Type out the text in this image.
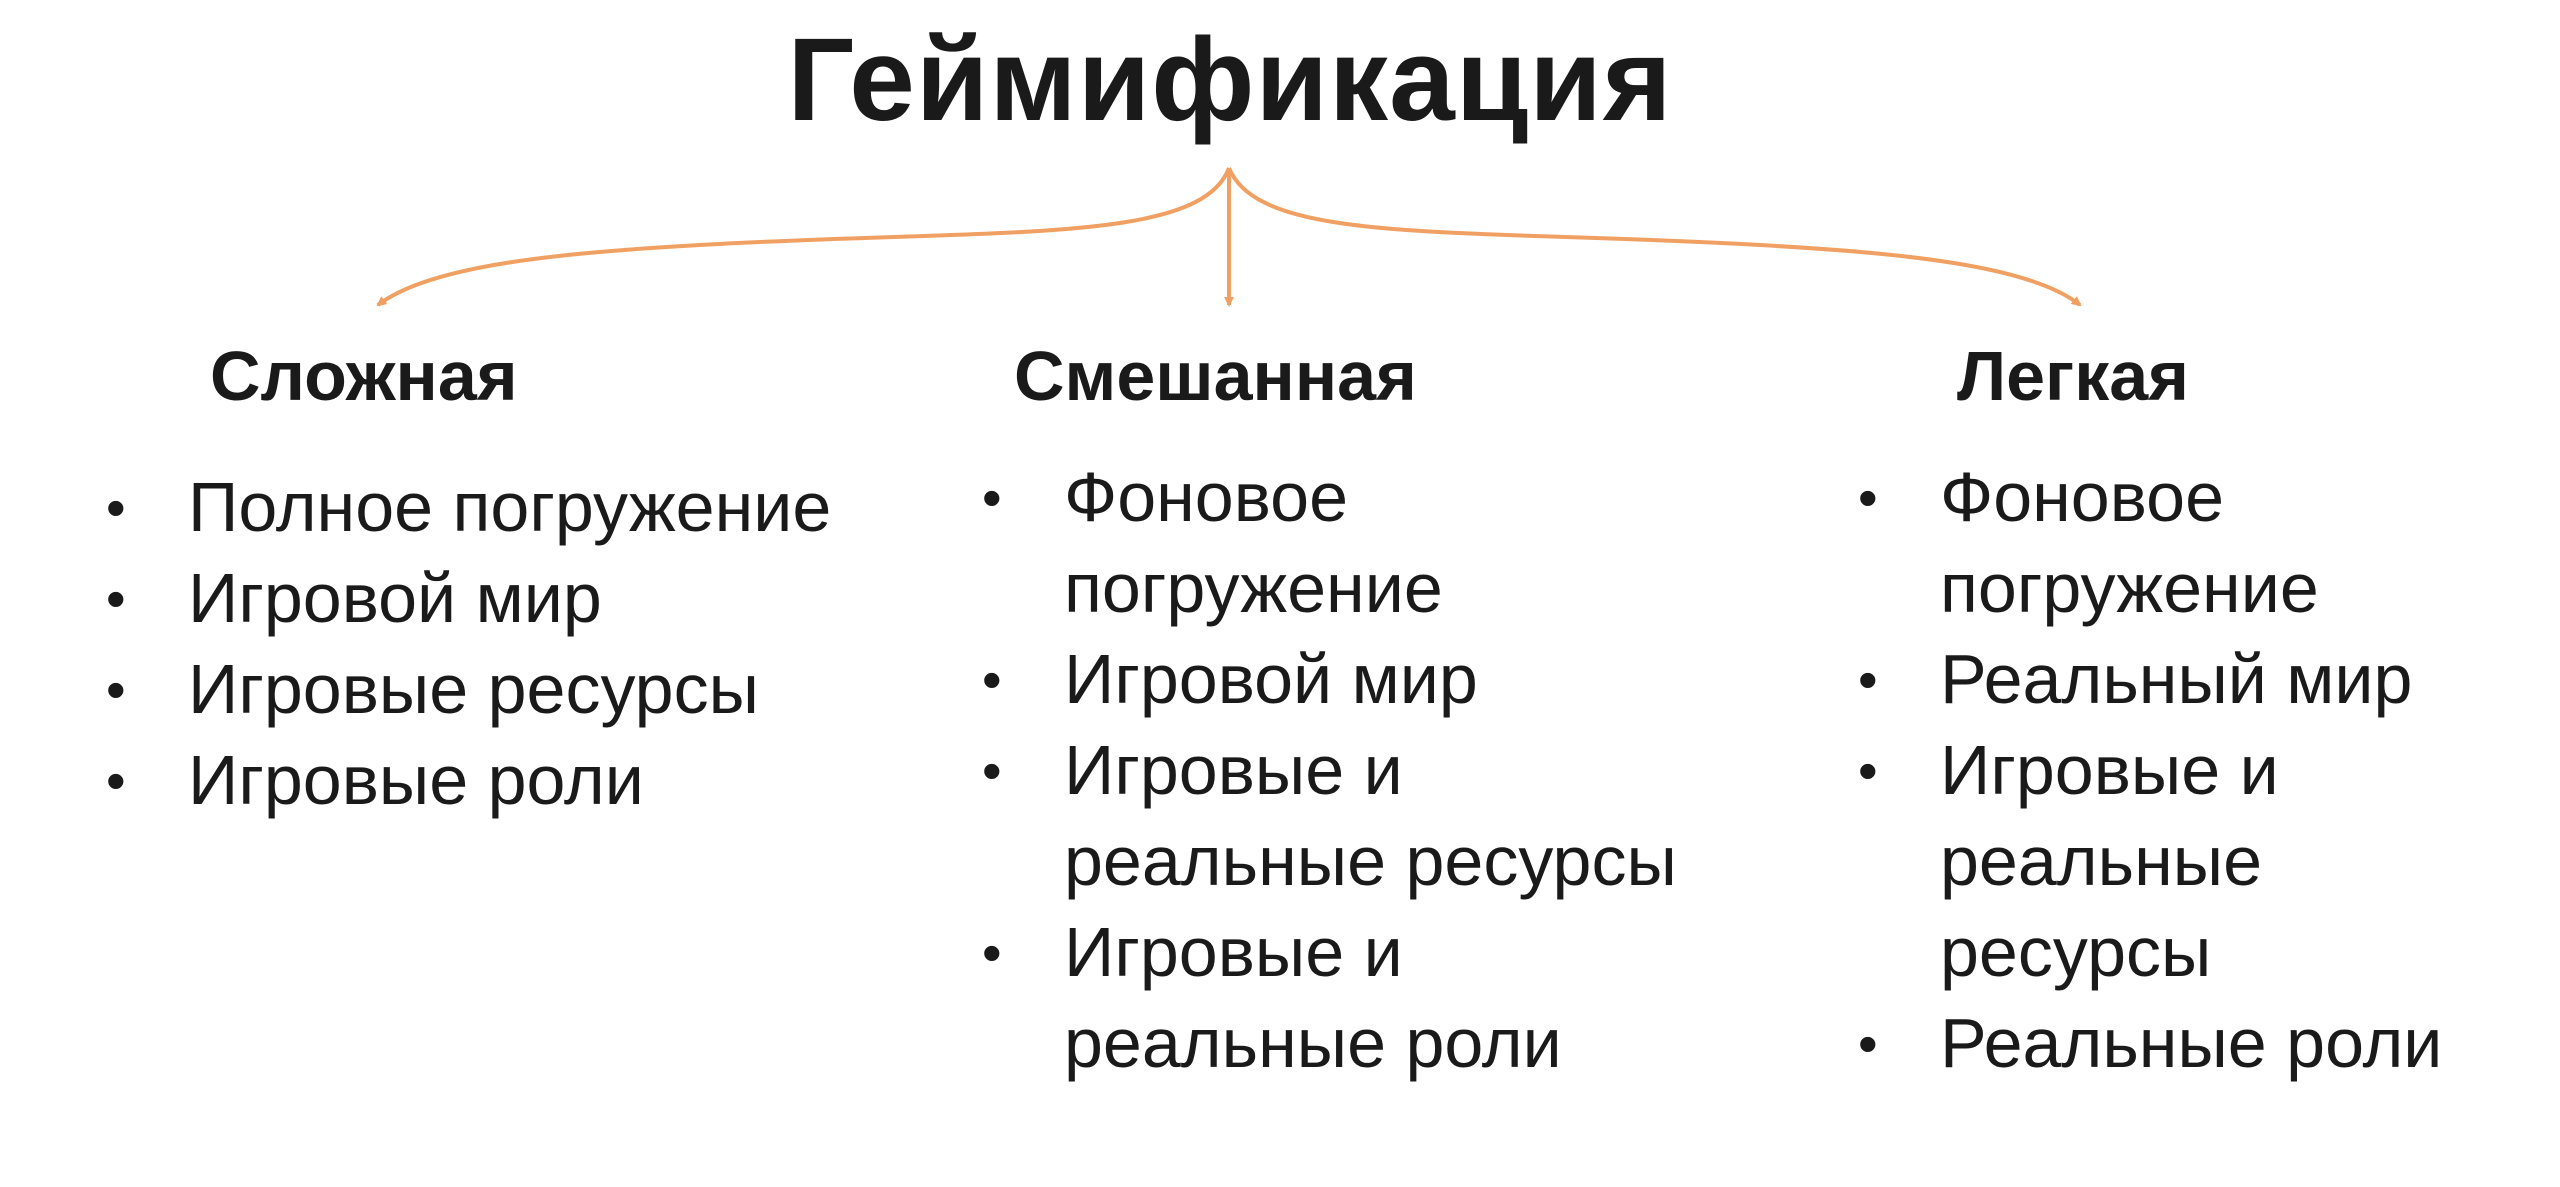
Геймификация
Сложная	Смешанная	Легкая
• Полное погружение
• Игровой мир
• Игровые ресурсы
• Игровые роли
• Фоновое погружение
• Игровой мир
• Игровые и реальные ресурсы
• Игровые и реальные роли
• Фоновое погружение
• Реальный мир
• Игровые и реальные ресурсы
• Реальные роли
